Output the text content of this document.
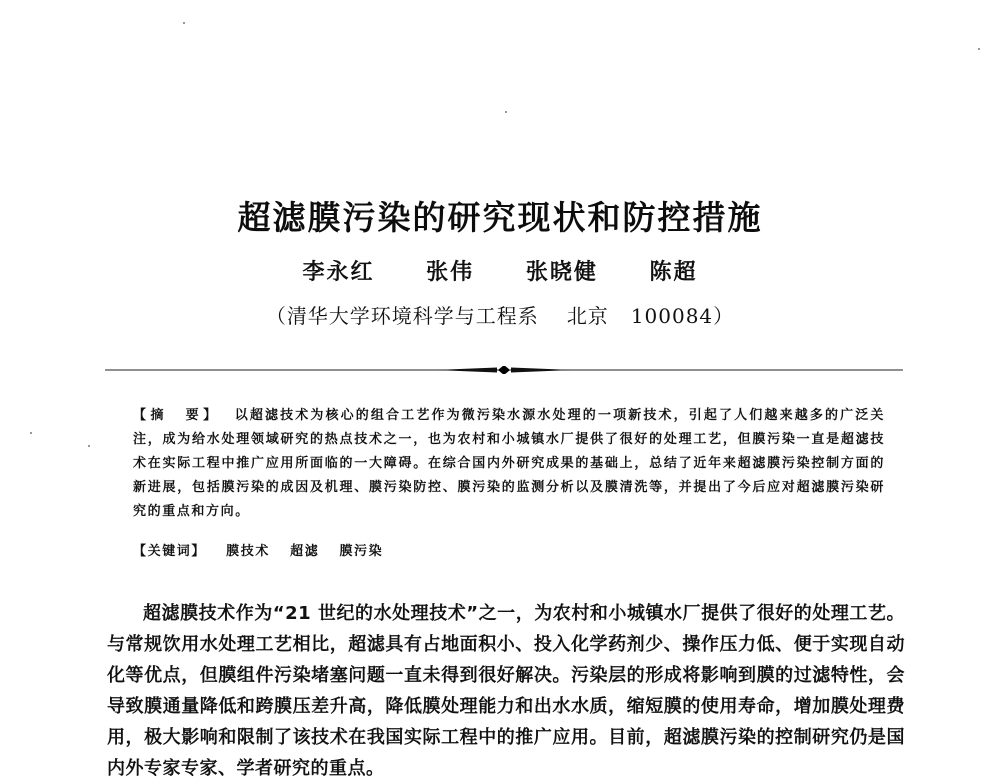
超滤膜污染的研究现状和防控措施
李永红 张伟 张晓健 陈超
（清华大学环境科学与工程系 北京 100084）
【摘　要】 以超滤技术为核心的组合工艺作为微污染水源水处理的一项新技术，引起了人们越来越多的广泛关注，成为给水处理领域研究的热点技术之一，也为农村和小城镇水厂提供了很好的处理工艺，但膜污染一直是超滤技术在实际工程中推广应用所面临的一大障碍。在综合国内外研究成果的基础上，总结了近年来超滤膜污染控制方面的新进展，包括膜污染的成因及机理、膜污染防控、膜污染的监测分析以及膜清洗等，并提出了今后应对超滤膜污染研究的重点和方向。
【关键词】 膜技术 超滤 膜污染

超滤膜技术作为“21 世纪的水处理技术”之一，为农村和小城镇水厂提供了很好的处理工艺。与常规饮用水处理工艺相比，超滤具有占地面积小、投入化学药剂少、操作压力低、便于实现自动化等优点，但膜组件污染堵塞问题一直未得到很好解决。污染层的形成将影响到膜的过滤特性，会导致膜通量降低和跨膜压差升高，降低膜处理能力和出水水质，缩短膜的使用寿命，增加膜处理费用，极大影响和限制了该技术在我国实际工程中的推广应用。目前，超滤膜污染的控制研究仍是国内外专家专家、学者研究的重点。
